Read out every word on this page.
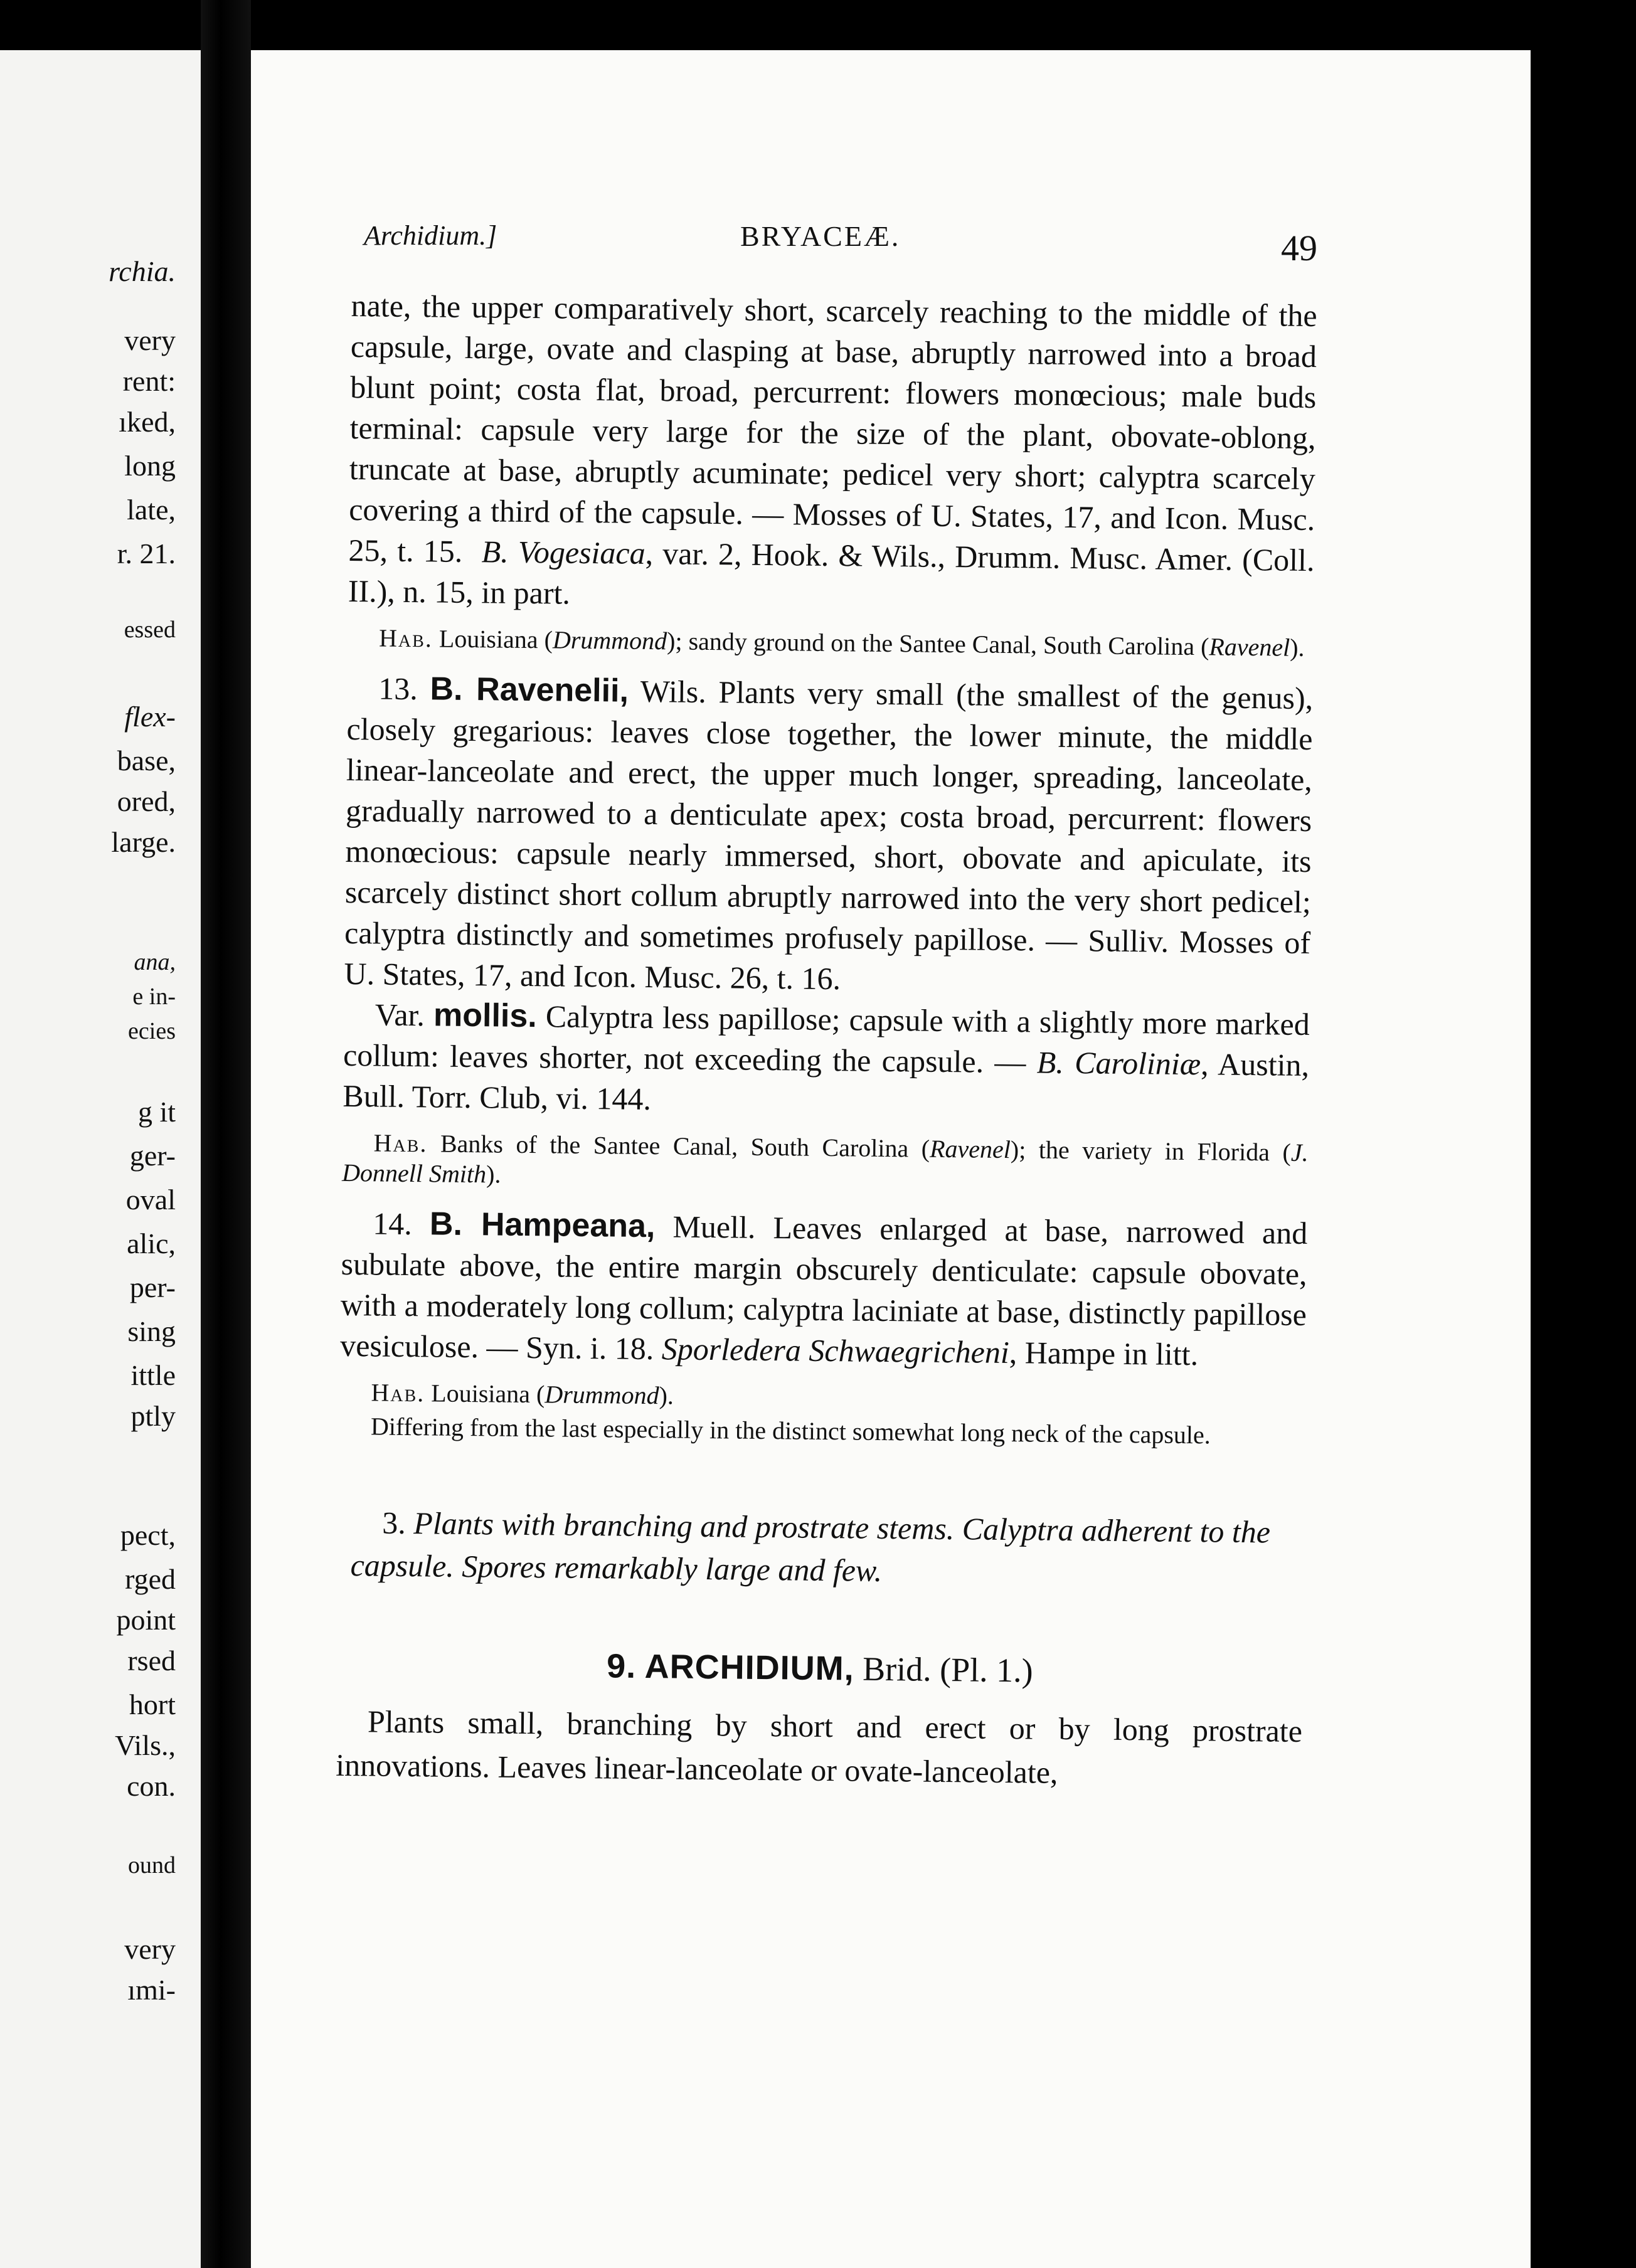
rchia.
very
rent:
ıked,
long
late,
r. 21.
essed
flex-
base,
ored,
large.
ana,
e in-
ecies
g it
ger-
oval
alic,
per-
sing
ittle
ptly
pect,
rged
point
rsed
hort
Vils.,
con.
ound
very
ımi-
Archidium.]	BRYACEÆ.	49

nate, the upper comparatively short, scarcely reaching to the middle of the capsule, large, ovate and clasping at base, abruptly narrowed into a broad blunt point; costa flat, broad, percurrent: flowers monœcious; male buds terminal: capsule very large for the size of the plant, obovate-oblong, truncate at base, abruptly acuminate; pedicel very short; calyptra scarcely covering a third of the capsule. — Mosses of U. States, 17, and Icon. Musc. 25, t. 15. B. Vogesiaca, var. 2, Hook. & Wils., Drumm. Musc. Amer. (Coll. II.), n. 15, in part.

Hab. Louisiana (Drummond); sandy ground on the Santee Canal, South Carolina (Ravenel).

13. B. Ravenelii, Wils. Plants very small (the smallest of the genus), closely gregarious: leaves close together, the lower minute, the middle linear-lanceolate and erect, the upper much longer, spreading, lanceolate, gradually narrowed to a denticulate apex; costa broad, percurrent: flowers monœcious: capsule nearly immersed, short, obovate and apiculate, its scarcely distinct short collum abruptly narrowed into the very short pedicel; calyptra distinctly and sometimes profusely papillose. — Sulliv. Mosses of U. States, 17, and Icon. Musc. 26, t. 16.

Var. mollis. Calyptra less papillose; capsule with a slightly more marked collum: leaves shorter, not exceeding the capsule. — B. Caroliniæ, Austin, Bull. Torr. Club, vi. 144.

Hab. Banks of the Santee Canal, South Carolina (Ravenel); the variety in Florida (J. Donnell Smith).

14. B. Hampeana, Muell. Leaves enlarged at base, narrowed and subulate above, the entire margin obscurely denticulate: capsule obovate, with a moderately long collum; calyptra laciniate at base, distinctly papillose vesiculose. — Syn. i. 18. Sporledera Schwaegricheni, Hampe in litt.

Hab. Louisiana (Drummond).

Differing from the last especially in the distinct somewhat long neck of the capsule.

3. Plants with branching and prostrate stems. Calyptra adherent to the capsule. Spores remarkably large and few.

9. ARCHIDIUM, Brid. (Pl. 1.)

Plants small, branching by short and erect or by long prostrate innovations. Leaves linear-lanceolate or ovate-lanceolate,
